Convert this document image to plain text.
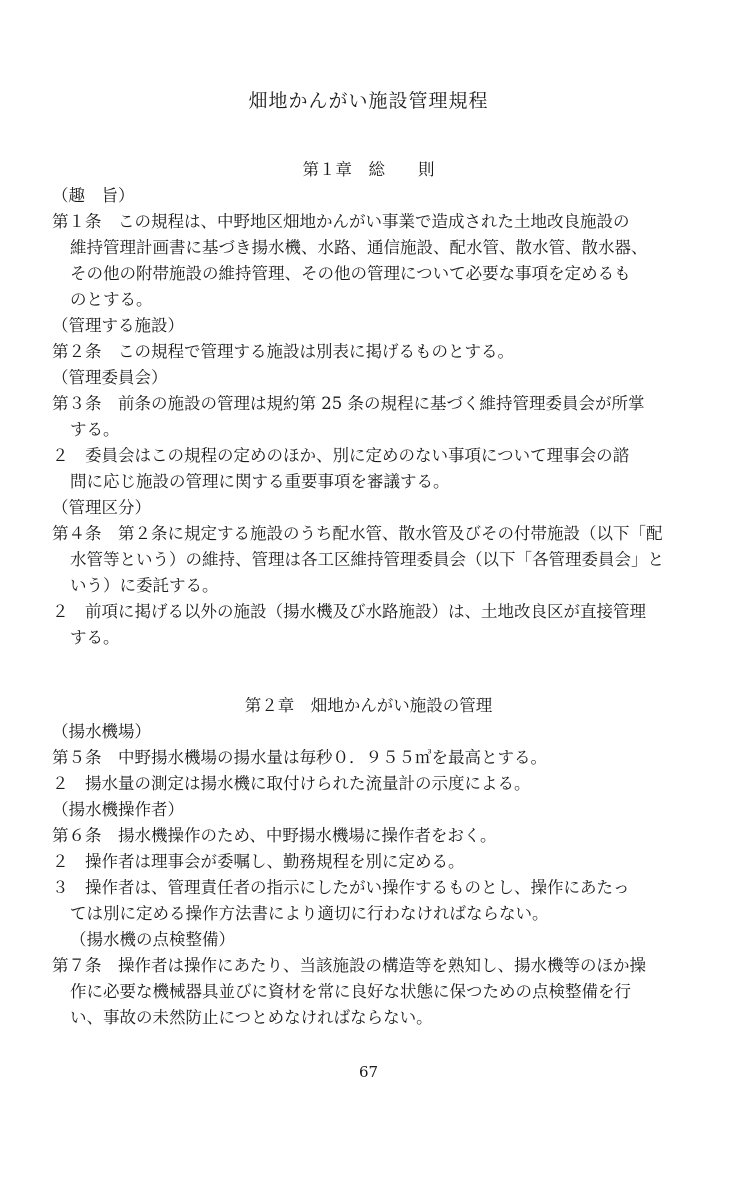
畑地かんがい施設管理規程
第１章　総　　則

（趣　旨）

第１条　この規程は、中野地区畑地かんがい事業で造成された土地改良施設の

維持管理計画書に基づき揚水機、水路、通信施設、配水管、散水管、散水器、

その他の附帯施設の維持管理、その他の管理について必要な事項を定めるも

のとする。

（管理する施設）

第２条　この規程で管理する施設は別表に掲げるものとする。

（管理委員会）

第３条　前条の施設の管理は規約第 25 条の規程に基づく維持管理委員会が所掌

する。

２　委員会はこの規程の定めのほか、別に定めのない事項について理事会の諮

問に応じ施設の管理に関する重要事項を審議する。

（管理区分）

第４条　第２条に規定する施設のうち配水管、散水管及びその付帯施設（以下「配

水管等という）の維持、管理は各工区維持管理委員会（以下「各管理委員会」と

いう）に委託する。

２　前項に掲げる以外の施設（揚水機及び水路施設）は、土地改良区が直接管理

する。

第２章　畑地かんがい施設の管理

（揚水機場）

第５条　中野揚水機場の揚水量は毎秒０．９５５㎥を最高とする。

２　揚水量の測定は揚水機に取付けられた流量計の示度による。

（揚水機操作者）

第６条　揚水機操作のため、中野揚水機場に操作者をおく。

２　操作者は理事会が委嘱し、勤務規程を別に定める。

３　操作者は、管理責任者の指示にしたがい操作するものとし、操作にあたっ

ては別に定める操作方法書により適切に行わなければならない。

（揚水機の点検整備）

第７条　操作者は操作にあたり、当該施設の構造等を熟知し、揚水機等のほか操

作に必要な機械器具並びに資材を常に良好な状態に保つための点検整備を行

い、事故の未然防止につとめなければならない。

67
